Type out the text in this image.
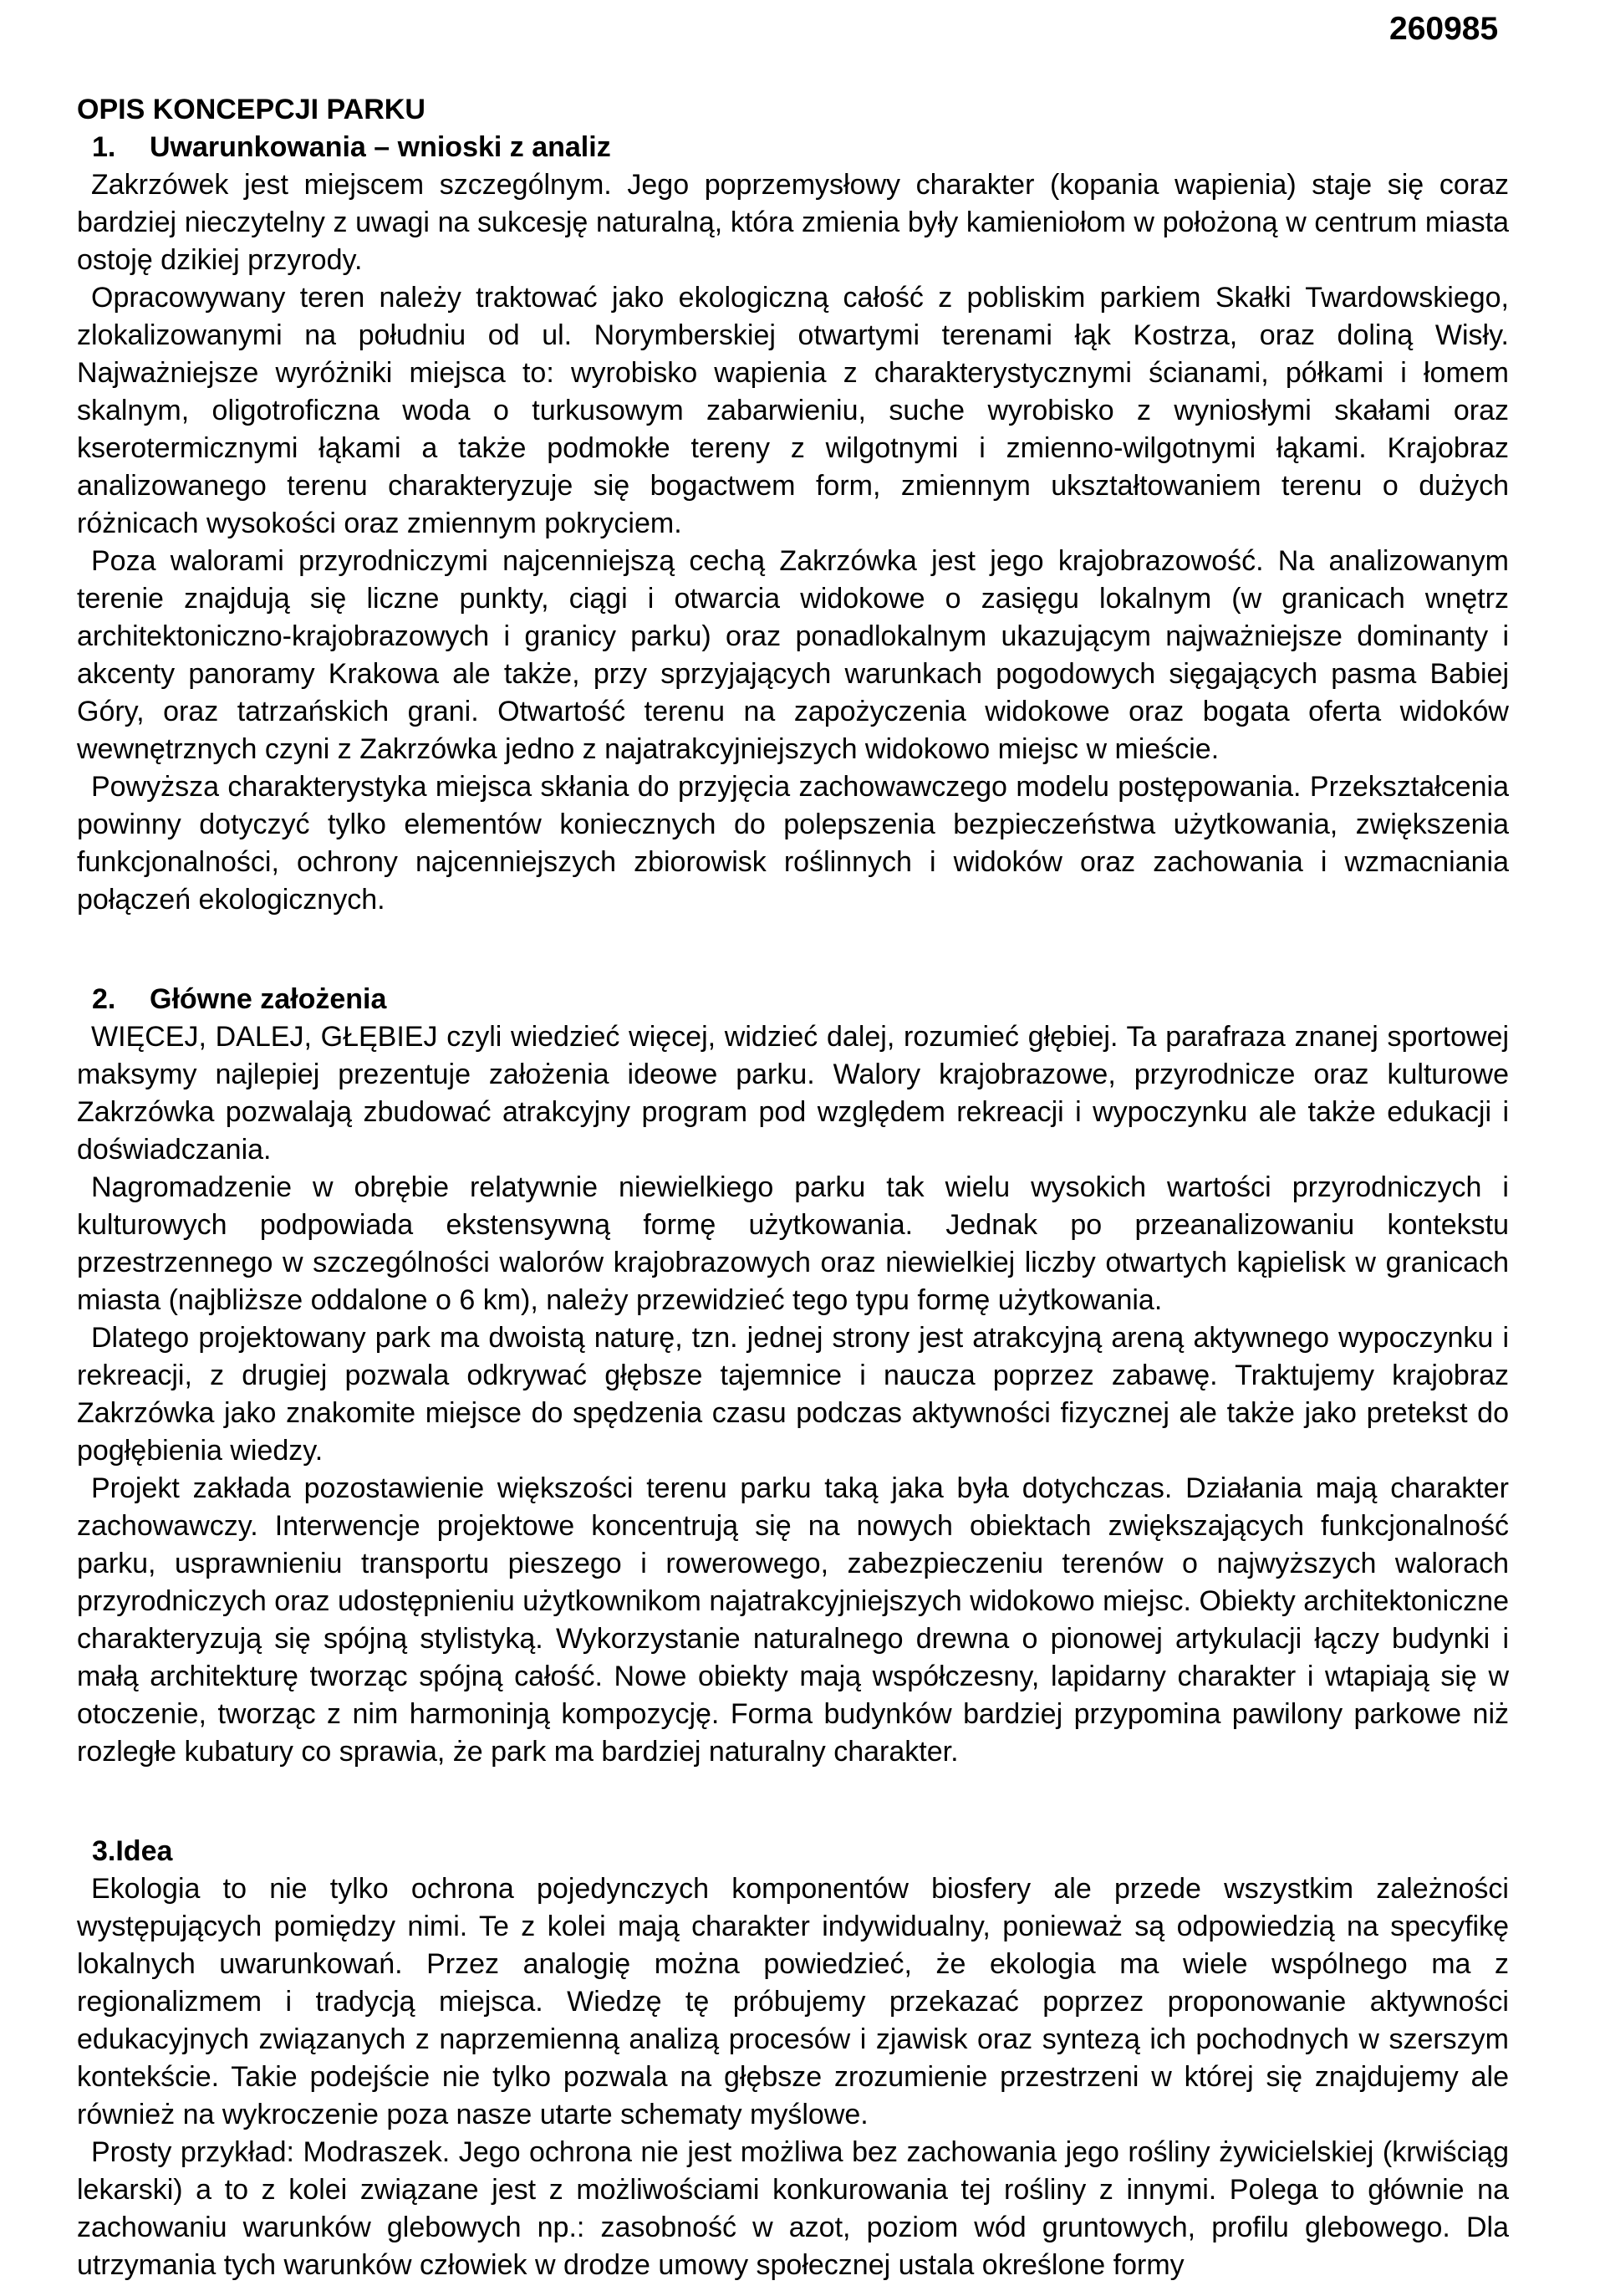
260985
OPIS KONCEPCJI PARKU
1. Uwarunkowania – wnioski z analiz

Zakrzówek jest miejscem szczególnym. Jego poprzemysłowy charakter (kopania wapienia) staje się coraz bardziej nieczytelny z uwagi na sukcesję naturalną, która zmienia były kamieniołom w położoną w centrum miasta ostoję dzikiej przyrody.

Opracowywany teren należy traktować jako ekologiczną całość z pobliskim parkiem Skałki Twardowskiego, zlokalizowanymi na południu od ul. Norymberskiej otwartymi terenami łąk Kostrza, oraz doliną Wisły. Najważniejsze wyróżniki miejsca to: wyrobisko wapienia z charakterystycznymi ścianami, półkami i łomem skalnym, oligotroficzna woda o turkusowym zabarwieniu, suche wyrobisko z wyniosłymi skałami oraz kserotermicznymi łąkami a także podmokłe tereny z wilgotnymi i zmienno-wilgotnymi łąkami. Krajobraz analizowanego terenu charakteryzuje się bogactwem form, zmiennym ukształtowaniem terenu o dużych różnicach wysokości oraz zmiennym pokryciem.

Poza walorami przyrodniczymi najcenniejszą cechą Zakrzówka jest jego krajobrazowość. Na analizowanym terenie znajdują się liczne punkty, ciągi i otwarcia widokowe o zasięgu lokalnym (w granicach wnętrz architektoniczno-krajobrazowych i granicy parku) oraz ponadlokalnym ukazującym najważniejsze dominanty i akcenty panoramy Krakowa ale także, przy sprzyjających warunkach pogodowych sięgających pasma Babiej Góry, oraz tatrzańskich grani. Otwartość terenu na zapożyczenia widokowe oraz bogata oferta widoków wewnętrznych czyni z Zakrzówka jedno z najatrakcyjniejszych widokowo miejsc w mieście.

Powyższa charakterystyka miejsca skłania do przyjęcia zachowawczego modelu postępowania. Przekształcenia powinny dotyczyć tylko elementów koniecznych do polepszenia bezpieczeństwa użytkowania, zwiększenia funkcjonalności, ochrony najcenniejszych zbiorowisk roślinnych i widoków oraz zachowania i wzmacniania połączeń ekologicznych.

2. Główne założenia

WIĘCEJ, DALEJ, GŁĘBIEJ czyli wiedzieć więcej, widzieć dalej, rozumieć głębiej. Ta parafraza znanej sportowej maksymy najlepiej prezentuje założenia ideowe parku. Walory krajobrazowe, przyrodnicze oraz kulturowe Zakrzówka pozwalają zbudować atrakcyjny program pod względem rekreacji i wypoczynku ale także edukacji i doświadczania.

Nagromadzenie w obrębie relatywnie niewielkiego parku tak wielu wysokich wartości przyrodniczych i kulturowych podpowiada ekstensywną formę użytkowania. Jednak po przeanalizowaniu kontekstu przestrzennego w szczególności walorów krajobrazowych oraz niewielkiej liczby otwartych kąpielisk w granicach miasta (najbliższe oddalone o 6 km), należy przewidzieć tego typu formę użytkowania.

Dlatego projektowany park ma dwoistą naturę, tzn. jednej strony jest atrakcyjną areną aktywnego wypoczynku i rekreacji, z drugiej pozwala odkrywać głębsze tajemnice i naucza poprzez zabawę. Traktujemy krajobraz Zakrzówka jako znakomite miejsce do spędzenia czasu podczas aktywności fizycznej ale także jako pretekst do pogłębienia wiedzy.

Projekt zakłada pozostawienie większości terenu parku taką jaka była dotychczas. Działania mają charakter zachowawczy. Interwencje projektowe koncentrują się na nowych obiektach zwiększających funkcjonalność parku, usprawnieniu transportu pieszego i rowerowego, zabezpieczeniu terenów o najwyższych walorach przyrodniczych oraz udostępnieniu użytkownikom najatrakcyjniejszych widokowo miejsc. Obiekty architektoniczne charakteryzują się spójną stylistyką. Wykorzystanie naturalnego drewna o pionowej artykulacji łączy budynki i małą architekturę tworząc spójną całość. Nowe obiekty mają współczesny, lapidarny charakter i wtapiają się w otoczenie, tworząc z nim harmoninją kompozycję. Forma budynków bardziej przypomina pawilony parkowe niż rozległe kubatury co sprawia, że park ma bardziej naturalny charakter.

3.Idea

Ekologia to nie tylko ochrona pojedynczych komponentów biosfery ale przede wszystkim zależności występujących pomiędzy nimi. Te z kolei mają charakter indywidualny, ponieważ są odpowiedzią na specyfikę lokalnych uwarunkowań. Przez analogię można powiedzieć, że ekologia ma wiele wspólnego ma z regionalizmem i tradycją miejsca. Wiedzę tę próbujemy przekazać poprzez proponowanie aktywności edukacyjnych związanych z naprzemienną analizą procesów i zjawisk oraz syntezą ich pochodnych w szerszym kontekście. Takie podejście nie tylko pozwala na głębsze zrozumienie przestrzeni w której się znajdujemy ale również na wykroczenie poza nasze utarte schematy myślowe.

Prosty przykład: Modraszek. Jego ochrona nie jest możliwa bez zachowania jego rośliny żywicielskiej (krwiściąg lekarski) a to z kolei związane jest z możliwościami konkurowania tej rośliny z innymi. Polega to głównie na zachowaniu warunków glebowych np.: zasobność w azot, poziom wód gruntowych, profilu glebowego. Dla utrzymania tych warunków człowiek w drodze umowy społecznej ustala określone formy
